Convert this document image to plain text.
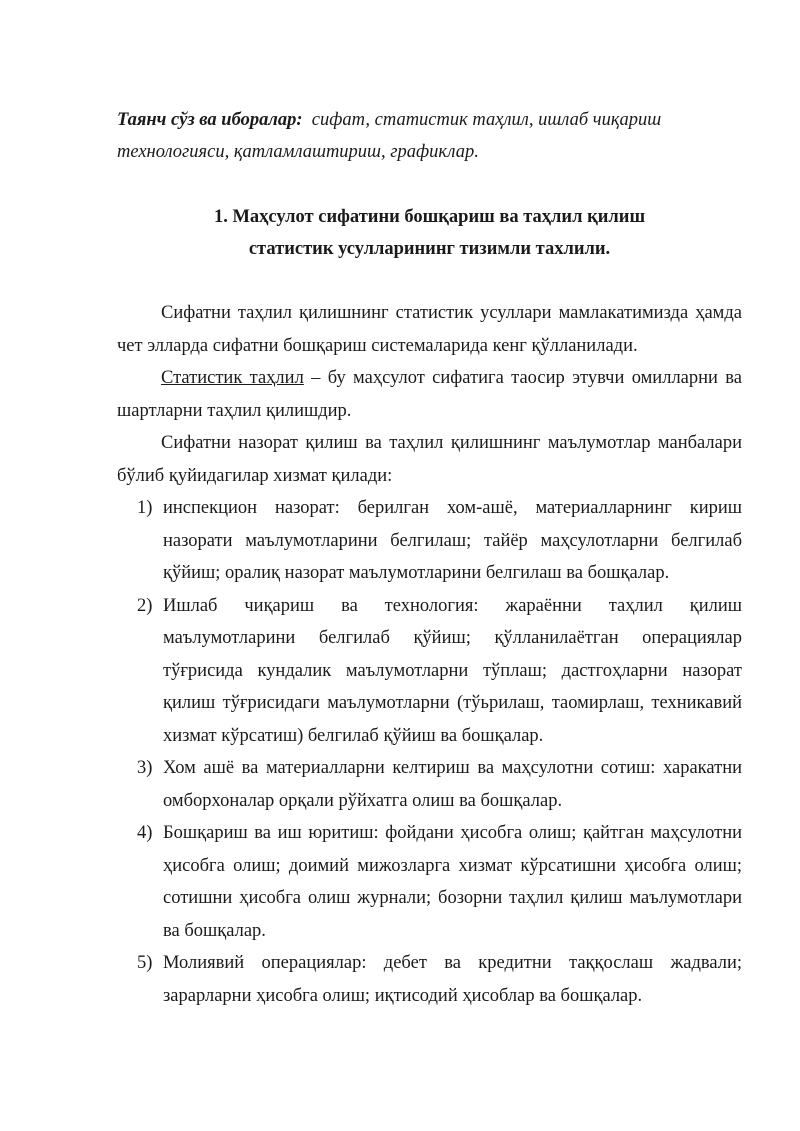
Таянч сўз ва иборалар: сифат, статистик таҳлил, ишлаб чиқариш технологияси, қатламлаштириш, графиклар.
1. Маҳсулот сифатини бошқариш ва таҳлил қилиш
статистик усулларининг тизимли тахлили.

Сифатни таҳлил қилишнинг статистик усуллари мамлакатимизда ҳамда чет элларда сифатни бошқариш системаларида кенг қўлланилади.

Статистик таҳлил – бу маҳсулот сифатига таосир этувчи омилларни ва шартларни таҳлил қилишдир.

Сифатни назорат қилиш ва таҳлил қилишнинг маълумотлар манбалари бўлиб қуйидагилар хизмат қилади:

1) инспекцион назорат: берилган хом-ашё, материалларнинг кириш назорати маълумотларини белгилаш; тайёр маҳсулотларни белгилаб қўйиш; оралиқ назорат маълумотларини белгилаш ва бошқалар.
2) Ишлаб чиқариш ва технология: жараённи таҳлил қилиш маълумотларини белгилаб қўйиш; қўлланилаётган операциялар тўғрисида кундалик маълумотларни тўплаш; дастгоҳларни назорат қилиш тўғрисидаги маълумотларни (тўьрилаш, таомирлаш, техникавий хизмат кўрсатиш) белгилаб қўйиш ва бошқалар.
3) Хом ашё ва материалларни келтириш ва маҳсулотни сотиш: харакатни омборхоналар орқали рўйхатга олиш ва бошқалар.
4) Бошқариш ва иш юритиш: фойдани ҳисобга олиш; қайтган маҳсулотни ҳисобга олиш; доимий мижозларга хизмат кўрсатишни ҳисобга олиш; сотишни ҳисобга олиш журнали; бозорни таҳлил қилиш маълумотлари ва бошқалар.
5) Молиявий операциялар: дебет ва кредитни таққослаш жадвали; зарарларни ҳисобга олиш; иқтисодий ҳисоблар ва бошқалар.
